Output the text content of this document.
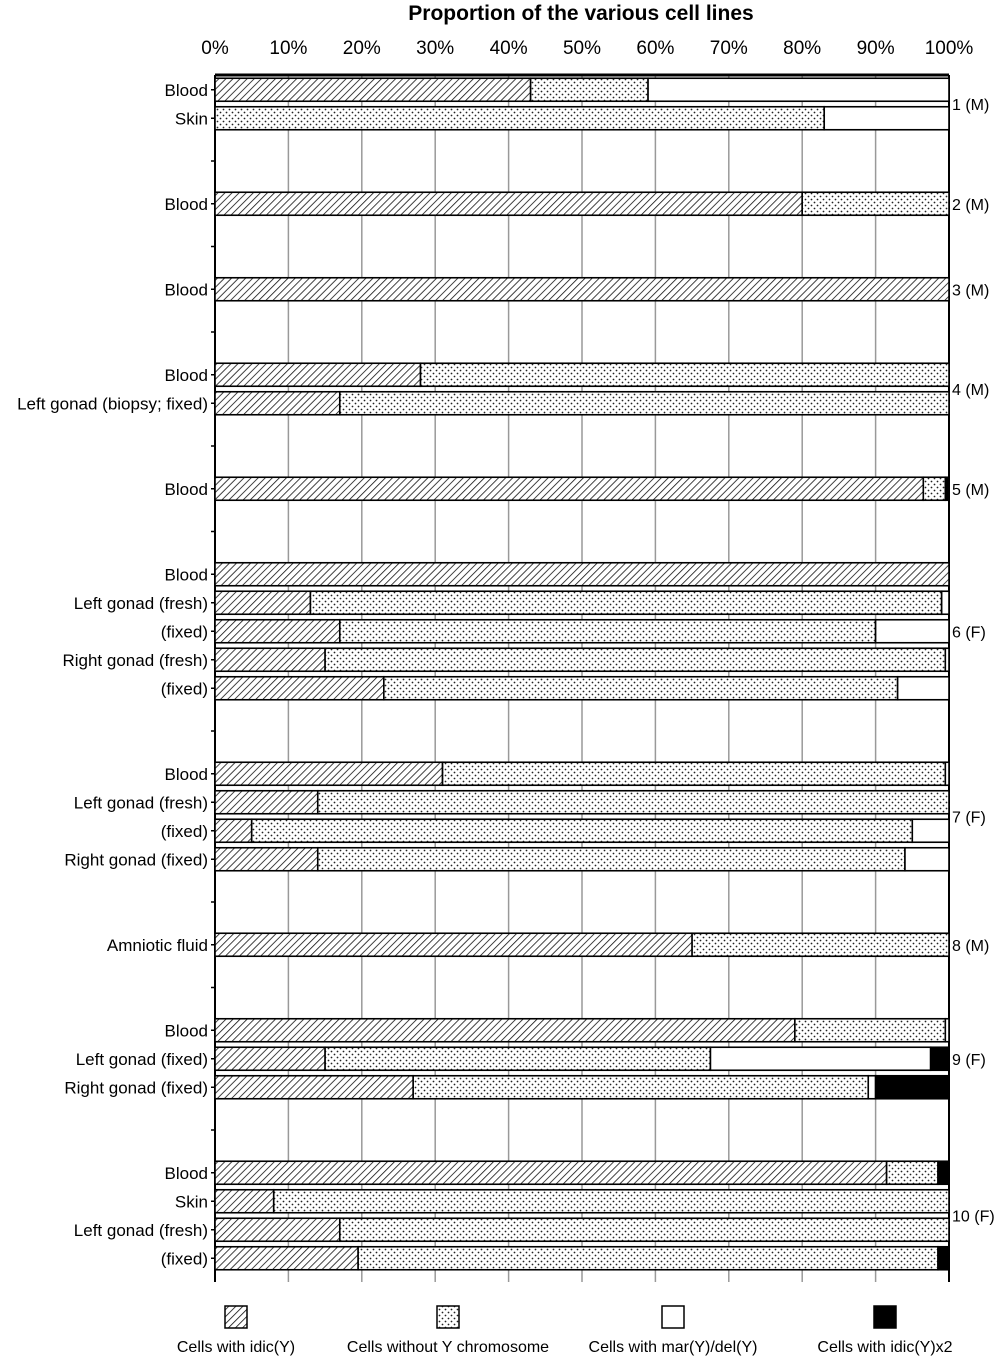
Proportion of the various cell lines
0% 10% 20% 30% 40% 50% 60% 70% 80% 90% 100%
Blood
Skin
1 (M)
Blood	2 (M)
Blood	3 (M)
Blood
Left gonad (biopsy; fixed)
4 (M)
Blood	5 (M)
Blood
Left gonad (fresh)
(fixed)
Right gonad (fresh)
(fixed)
6 (F)
Blood
Left gonad (fresh)
(fixed)
Right gonad (fixed)
7 (F)
Amniotic fluid	8 (M)
Blood
Left gonad (fixed)
Right gonad (fixed)
9 (F)
Blood
Skin
Left gonad (fresh)
(fixed)
10 (F)
Cells with idic(Y)	Cells without Y chromosome Cells with mar(Y)/del(Y)	Cells with idic(Y)x2
